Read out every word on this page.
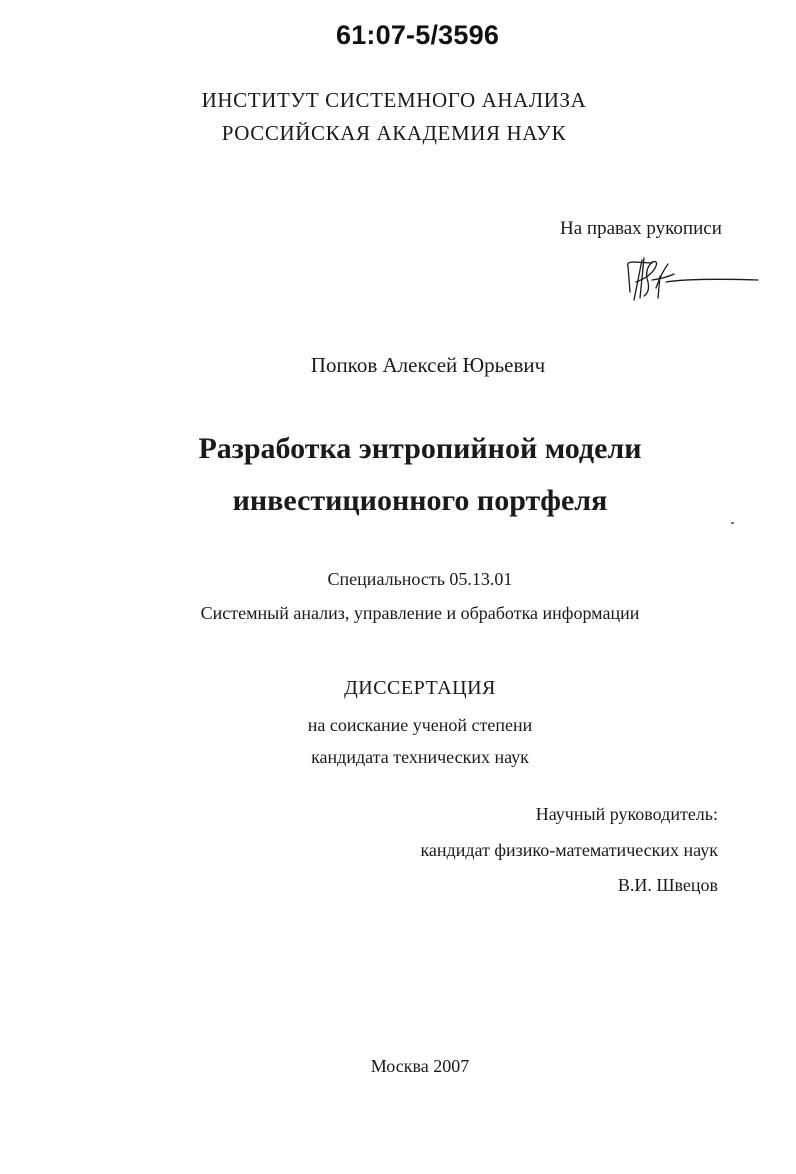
61:07-5/3596
ИНСТИТУТ СИСТЕМНОГО АНАЛИЗА
РОССИЙСКАЯ АКАДЕМИЯ НАУК
На правах рукописи
Попков Алексей Юрьевич
Разработка энтропийной модели
инвестиционного портфеля
Специальность 05.13.01
Системный анализ, управление и обработка информации
ДИССЕРТАЦИЯ
на соискание ученой степени
кандидата технических наук
Научный руководитель:
кандидат физико-математических наук
В.И. Швецов
Москва 2007
